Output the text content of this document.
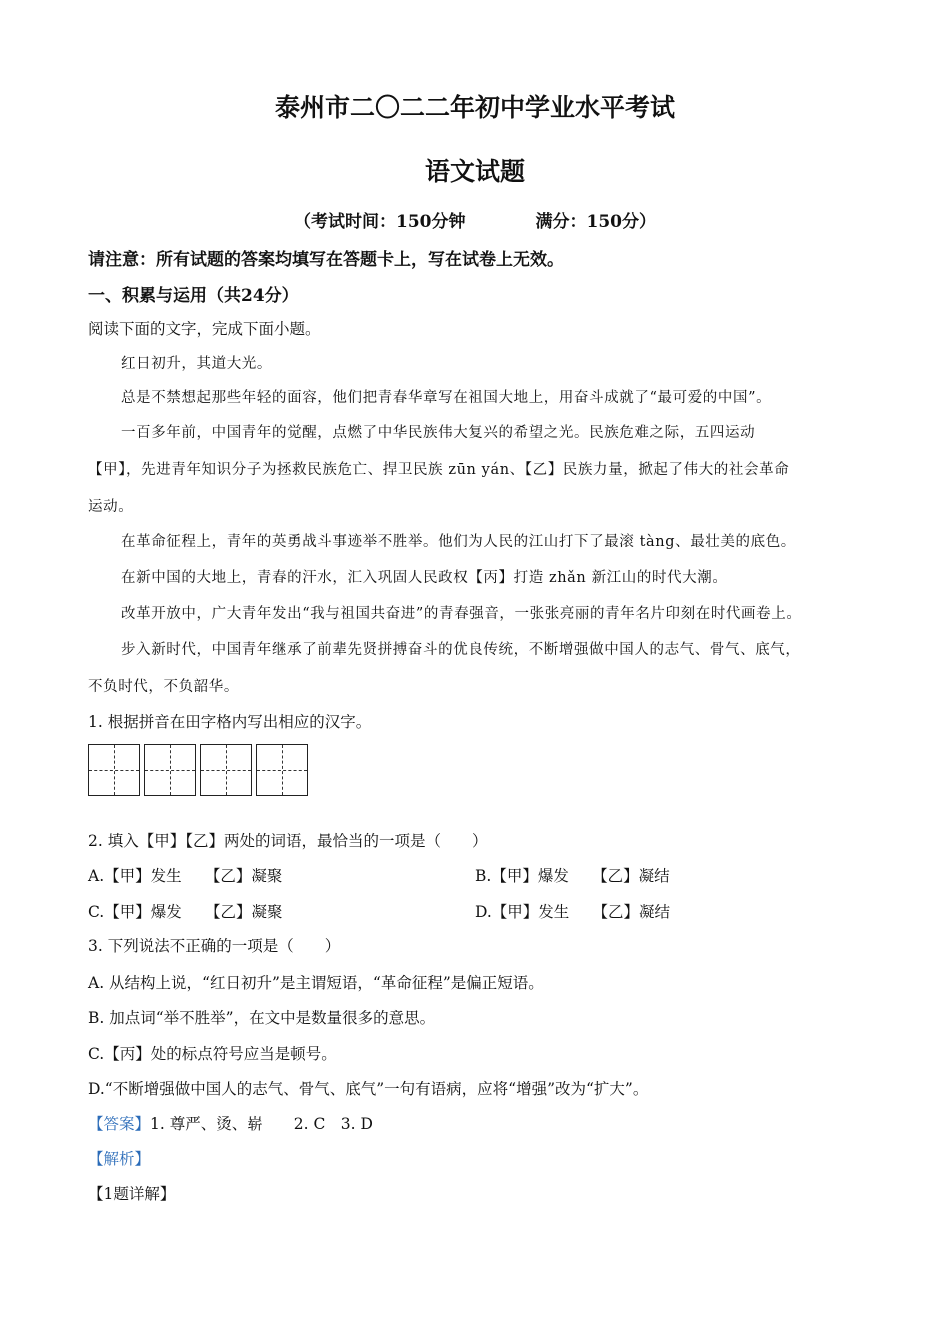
泰州市二〇二二年初中学业水平考试
语文试题
（考试时间：150分钟	满分：150分）
请注意：所有试题的答案均填写在答题卡上，写在试卷上无效。
一、积累与运用（共24分）
阅读下面的文字，完成下面小题。
红日初升，其道大光。
总是不禁想起那些年轻的面容，他们把青春华章写在祖国大地上，用奋斗成就了“最可爱的中国”。
一百多年前，中国青年的觉醒，点燃了中华民族伟大复兴的希望之光。民族危难之际，五四运动
【甲】，先进青年知识分子为拯救民族危亡、捍卫民族 zūn yán、【乙】民族力量，掀起了伟大的社会革命
运动。
在革命征程上，青年的英勇战斗事迹举不胜举。他们为人民的江山打下了最滚 tàng、最壮美的底色。
在新中国的大地上，青春的汗水，汇入巩固人民政权【丙】打造 zhǎn 新江山的时代大潮。
改革开放中，广大青年发出“我与祖国共奋进”的青春强音，一张张亮丽的青年名片印刻在时代画卷上。
步入新时代，中国青年继承了前辈先贤拼搏奋斗的优良传统，不断增强做中国人的志气、骨气、底气，
不负时代，不负韶华。
1. 根据拼音在田字格内写出相应的汉字。
2. 填入【甲】【乙】两处的词语，最恰当的一项是（　　）
A.【甲】发生　　【乙】凝聚	B.【甲】爆发　　【乙】凝结
C.【甲】爆发　　【乙】凝聚	D.【甲】发生　　【乙】凝结
3. 下列说法不正确的一项是（　　）
A. 从结构上说，“红日初升”是主谓短语，“革命征程”是偏正短语。
B. 加点词“举不胜举”，在文中是数量很多的意思。
C.【丙】处的标点符号应当是顿号。
D.“不断增强做中国人的志气、骨气、底气”一句有语病，应将“增强”改为“扩大”。
【答案】1. 尊严、烫、崭　　2. C　3. D
【解析】
【1题详解】
